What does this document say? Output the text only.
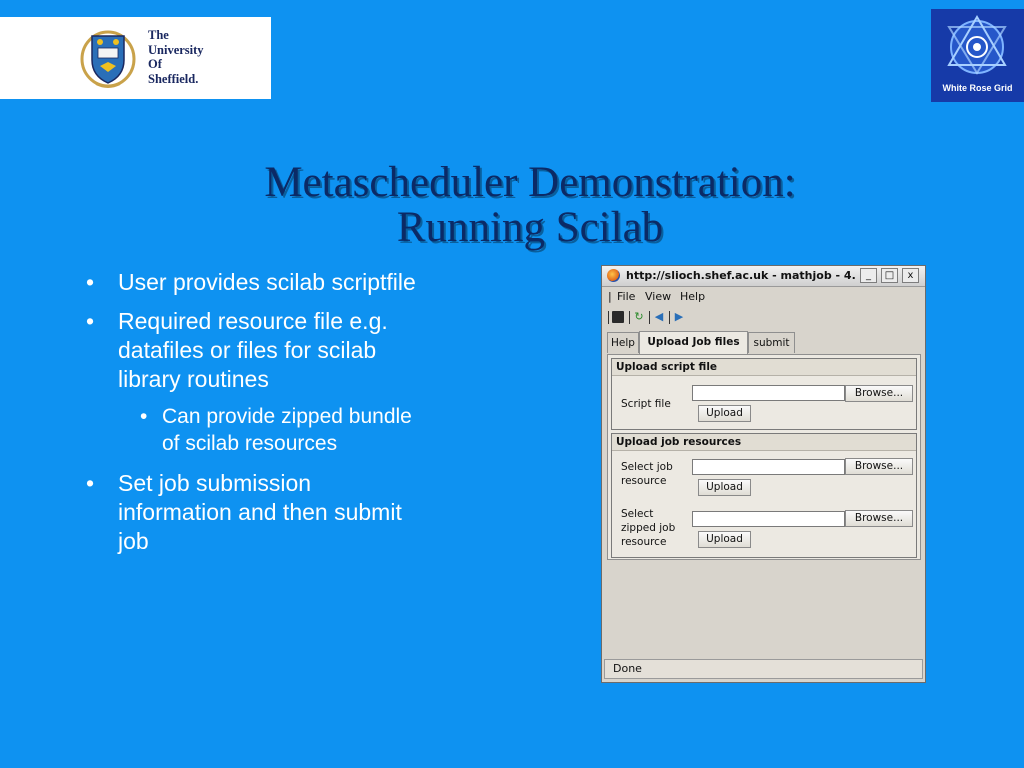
The
University
Of
Sheffield.
White Rose Grid
Metascheduler Demonstration:
Running Scilab
• User provides scilab scriptfile
• Required resource file e.g.
datafiles or files for scilab
library routines
• Can provide zipped bundle
of scilab resources
• Set job submission
information and then submit
job
http://slioch.shef.ac.uk - mathjob - 4.	_	□	x
| File View Help
↻ ◀ ▶
Help	Upload Job files	submit
Upload script file
Script file
Browse...
Upload
Upload job resources
Select job
resource
Browse...
Upload
Select
zipped job
resource
Browse...
Upload
Done
